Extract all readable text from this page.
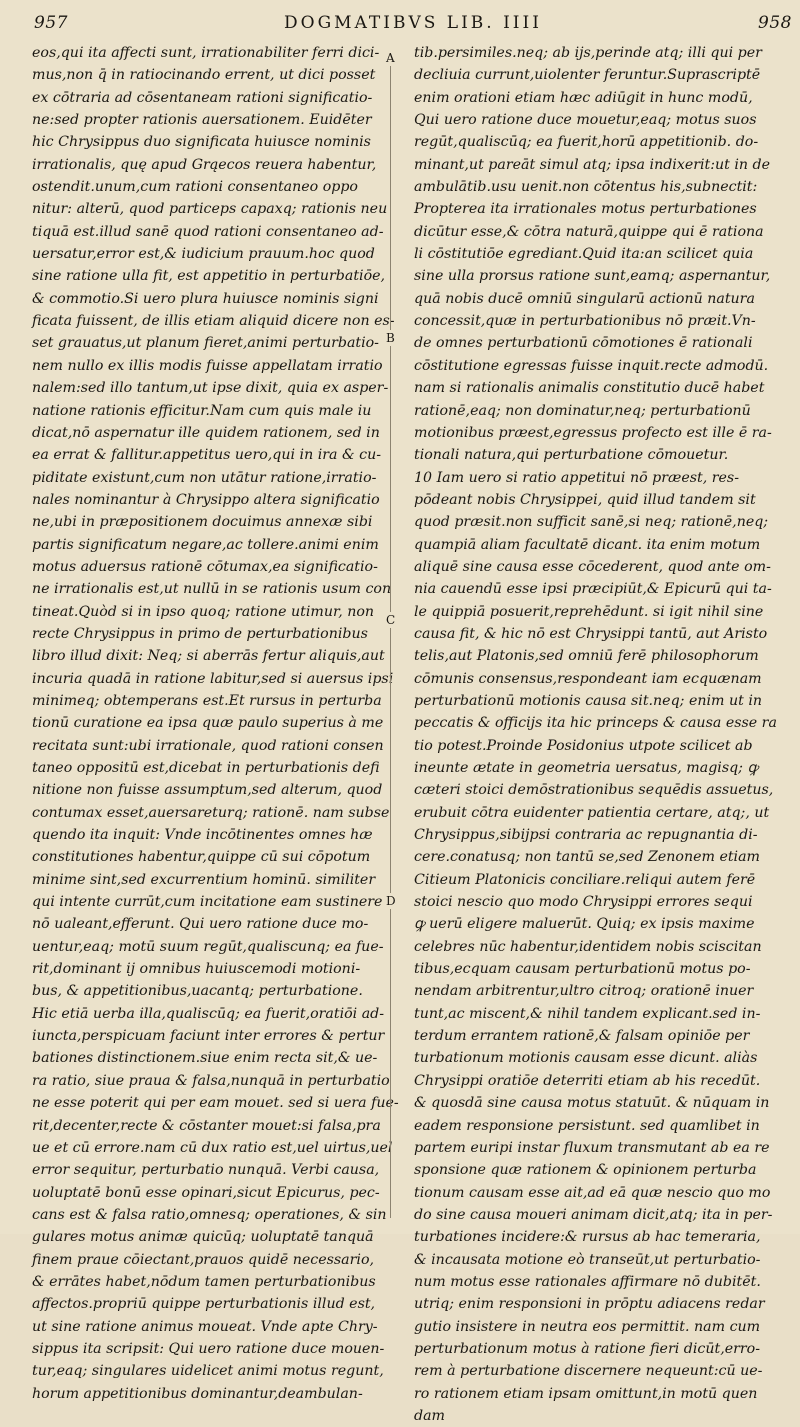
957	DOGMATIBVS LIB. IIII	958
eos,qui ita affecti sunt, irrationabiliter ferri dici-
mus,non q̄ in ratiocinando errent, ut dici posset
ex cōtraria ad cōsentaneam rationi significatio-
ne:sed propter rationis auersationem. Euidēter
hic Chrysippus duo significata huiusce nominis
irrationalis, quę apud Grąecos reuera habentur,
ostendit.unum,cum rationi consentaneo oppo
nitur: alterū, quod particeps capaxq; rationis neu
tiquā est.illud sanē quod rationi consentaneo ad-
uersatur,error est,& iudicium prauum.hoc quod
sine ratione ulla fit, est appetitio in perturbatiōe,
& commotio.Si uero plura huiusce nominis signi
ficata fuissent, de illis etiam aliquid dicere non es-
set grauatus,ut planum fieret,animi perturbatio-
nem nullo ex illis modis fuisse appellatam irratio
nalem:sed illo tantum,ut ipse dixit, quia ex asper-
natione rationis efficitur.Nam cum quis male iu
dicat,nō aspernatur ille quidem rationem, sed in
ea errat & fallitur.appetitus uero,qui in ira & cu-
piditate existunt,cum non utātur ratione,irratio-
nales nominantur à Chrysippo altera significatio
ne,ubi in præpositionem docuimus annexæ sibi
partis significatum negare,ac tollere.animi enim
motus aduersus rationē cōtumax,ea significatio-
ne irrationalis est,ut nullū in se rationis usum con
tineat.Quòd si in ipso quoq; ratione utimur, non
recte Chrysippus in primo de perturbationibus
libro illud dixit: Neq; si aberrās fertur aliquis,aut
incuria quadā in ratione labitur,sed si auersus ipsi
minimeq; obtemperans est.Et rursus in perturba
tionū curatione ea ipsa quæ paulo superius à me
recitata sunt:ubi irrationale, quod rationi consen
taneo oppositū est,dicebat in perturbationis defi
nitione non fuisse assumptum,sed alterum, quod
contumax esset,auersareturq; rationē. nam subse
quendo ita inquit: Vnde incōtinentes omnes hæ
constitutiones habentur,quippe cū sui cōpotum
minime sint,sed excurrentium hominū. similiter
qui intente currūt,cum incitatione eam sustinere
nō ualeant,efferunt. Qui uero ratione duce mo-
uentur,eaq; motū suum regūt,qualiscunq; ea fue-
rit,dominant ij omnibus huiuscemodi motioni-
bus, & appetitionibus,uacantq; perturbatione.
Hic etiā uerba illa,qualiscūq; ea fuerit,oratiōi ad-
iuncta,perspicuam faciunt inter errores & pertur
bationes distinctionem.siue enim recta sit,& ue-
ra ratio, siue praua & falsa,nunquā in perturbatio
ne esse poterit qui per eam mouet. sed si uera fue-
rit,decenter,recte & cōstanter mouet:si falsa,pra
ue et cū errore.nam cū dux ratio est,uel uirtus,uel
error sequitur, perturbatio nunquā. Verbi causa,
uoluptatē bonū esse opinari,sicut Epicurus, pec-
cans est & falsa ratio,omnesq; operationes, & sin
gulares motus animæ quicūq; uoluptatē tanquā
finem praue cōiectant,prauos quidē necessario,
& errātes habet,nōdum tamen perturbationibus
affectos.propriū quippe perturbationis illud est,
ut sine ratione animus moueat. Vnde apte Chry-
sippus ita scripsit: Qui uero ratione duce mouen-
tur,eaq; singulares uidelicet animi motus regunt,
horum appetitionibus dominantur,deambulan-
A
B
C
D
tib.persimiles.neq; ab ijs,perinde atq; illi qui per
decliuia currunt,uiolenter feruntur.Suprascriptē
enim orationi etiam hæc adiūgit in hunc modū,
Qui uero ratione duce mouetur,eaq; motus suos
regūt,qualiscūq; ea fuerit,horū appetitionib. do-
minant,ut pareāt simul atq; ipsa indixerit:ut in de
ambulātib.usu uenit.non cōtentus his,subnectit:
Propterea ita irrationales motus perturbationes
dicūtur esse,& cōtra naturā,quippe qui ē rationa
li cōstitutiōe egrediant.Quid ita:an scilicet quia
sine ulla prorsus ratione sunt,eamq; aspernantur,
quā nobis ducē omniū singularū actionū natura
concessit,quæ in perturbationibus nō præit.Vn-
de omnes perturbationū cōmotiones ē rationali
cōstitutione egressas fuisse inquit.recte admodū.
nam si rationalis animalis constitutio ducē habet
rationē,eaq; non dominatur,neq; perturbationū
motionibus præest,egressus profecto est ille ē ra-
tionali natura,qui perturbatione cōmouetur.
10 Iam uero si ratio appetitui nō præest, res-
pōdeant nobis Chrysippei, quid illud tandem sit
quod præsit.non sufficit sanē,si neq; rationē,neq;
quampiā aliam facultatē dicant. ita enim motum
aliquē sine causa esse cōcederent, quod ante om-
nia cauendū esse ipsi præcipiūt,& Epicurū qui ta-
le quippiā posuerit,reprehēdunt. si igit nihil sine
causa fit, & hic nō est Chrysippi tantū, aut Aristo
telis,aut Platonis,sed omniū ferē philosophorum
cōmunis consensus,respondeant iam ecquænam
perturbationū motionis causa sit.neq; enim ut in
peccatis & officijs ita hic princeps & causa esse ra
tio potest.Proinde Posidonius utpote scilicet ab
ineunte ætate in geometria uersatus, magisq; ꝙ
cæteri stoici demōstrationibus sequēdis assuetus,
erubuit cōtra euidenter patientia certare, atq;, ut
Chrysippus,sibijpsi contraria ac repugnantia di-
cere.conatusq; non tantū se,sed Zenonem etiam
Citieum Platonicis conciliare.reliqui autem ferē
stoici nescio quo modo Chrysippi errores sequi
ꝙ uerū eligere maluerūt. Quiq; ex ipsis maxime
celebres nūc habentur,identidem nobis sciscitan
tibus,ecquam causam perturbationū motus po-
nendam arbitrentur,ultro citroq; orationē inuer
tunt,ac miscent,& nihil tandem explicant.sed in-
terdum errantem rationē,& falsam opiniōe per
turbationum motionis causam esse dicunt. aliàs
Chrysippi oratiōe deterriti etiam ab his recedūt.
& quosdā sine causa motus statuūt. & nūquam in
eadem responsione persistunt. sed quamlibet in
partem euripi instar fluxum transmutant ab ea re
sponsione quæ rationem & opinionem perturba
tionum causam esse ait,ad eā quæ nescio quo mo
do sine causa moueri animam dicit,atq; ita in per-
turbationes incidere:& rursus ab hac temeraria,
& incausata motione eò transeūt,ut perturbatio-
num motus esse rationales affirmare nō dubitēt.
utriq; enim responsioni in prōptu adiacens redar
gutio insistere in neutra eos permittit. nam cum
perturbationum motus à ratione fieri dicūt,erro-
rem à perturbatione discernere nequeunt:cū ue-
ro rationem etiam ipsam omittunt,in motū quen
dam
